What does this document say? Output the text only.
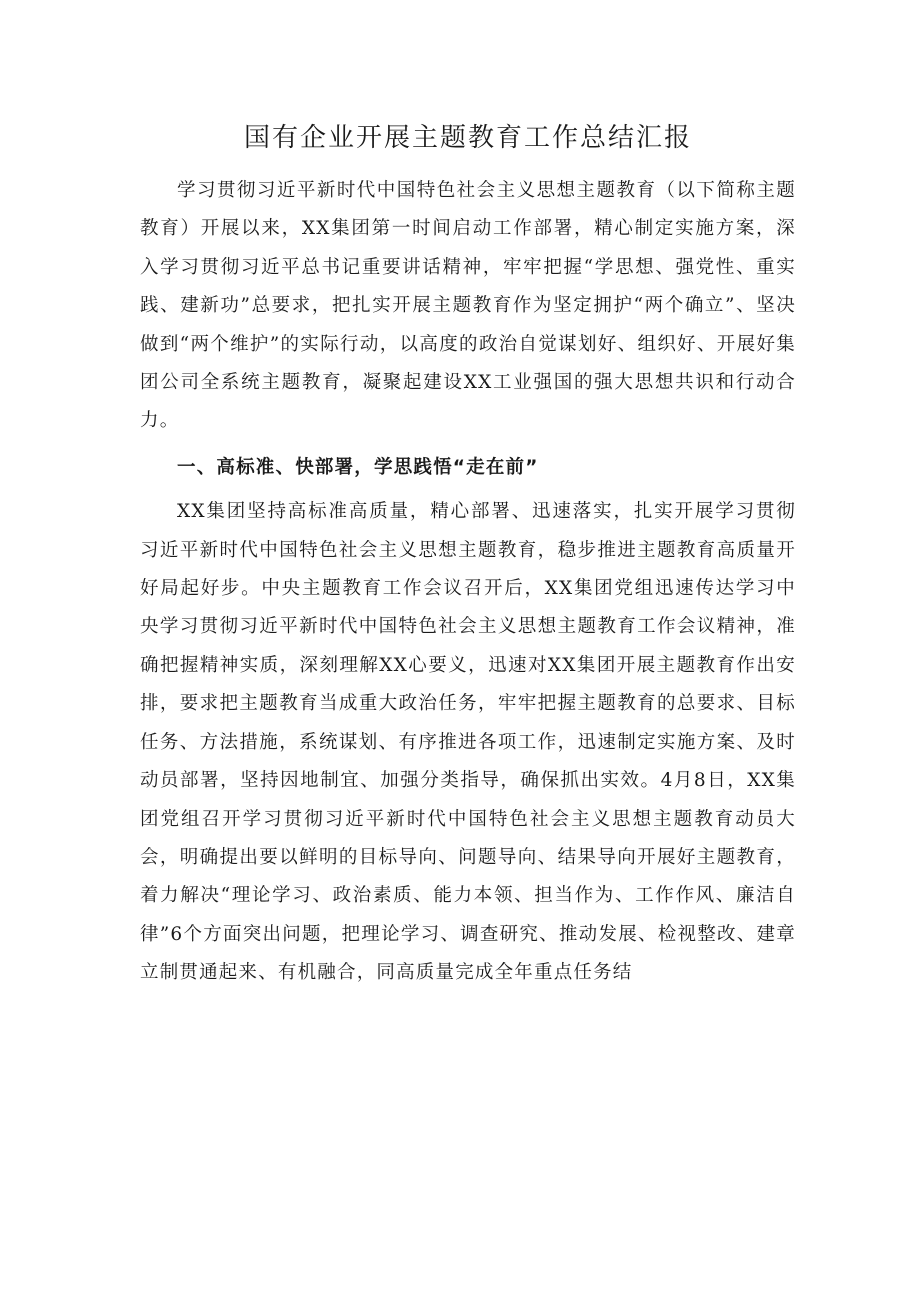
国有企业开展主题教育工作总结汇报

学习贯彻习近平新时代中国特色社会主义思想主题教育（以下简称主题教育）开展以来，XX集团第一时间启动工作部署，精心制定实施方案，深入学习贯彻习近平总书记重要讲话精神，牢牢把握“学思想、强党性、重实践、建新功”总要求，把扎实开展主题教育作为坚定拥护“两个确立”、坚决做到“两个维护”的实际行动，以高度的政治自觉谋划好、组织好、开展好集团公司全系统主题教育，凝聚起建设XX工业强国的强大思想共识和行动合力。

一、高标准、快部署，学思践悟“走在前”

XX集团坚持高标准高质量，精心部署、迅速落实，扎实开展学习贯彻习近平新时代中国特色社会主义思想主题教育，稳步推进主题教育高质量开好局起好步。中央主题教育工作会议召开后，XX集团党组迅速传达学习中央学习贯彻习近平新时代中国特色社会主义思想主题教育工作会议精神，准确把握精神实质，深刻理解XX心要义，迅速对XX集团开展主题教育作出安排，要求把主题教育当成重大政治任务，牢牢把握主题教育的总要求、目标任务、方法措施，系统谋划、有序推进各项工作，迅速制定实施方案、及时动员部署，坚持因地制宜、加强分类指导，确保抓出实效。4月8日，XX集团党组召开学习贯彻习近平新时代中国特色社会主义思想主题教育动员大会，明确提出要以鲜明的目标导向、问题导向、结果导向开展好主题教育，着力解决“理论学习、政治素质、能力本领、担当作为、工作作风、廉洁自律”6个方面突出问题，把理论学习、调查研究、推动发展、检视整改、建章立制贯通起来、有机融合，同高质量完成全年重点任务结
